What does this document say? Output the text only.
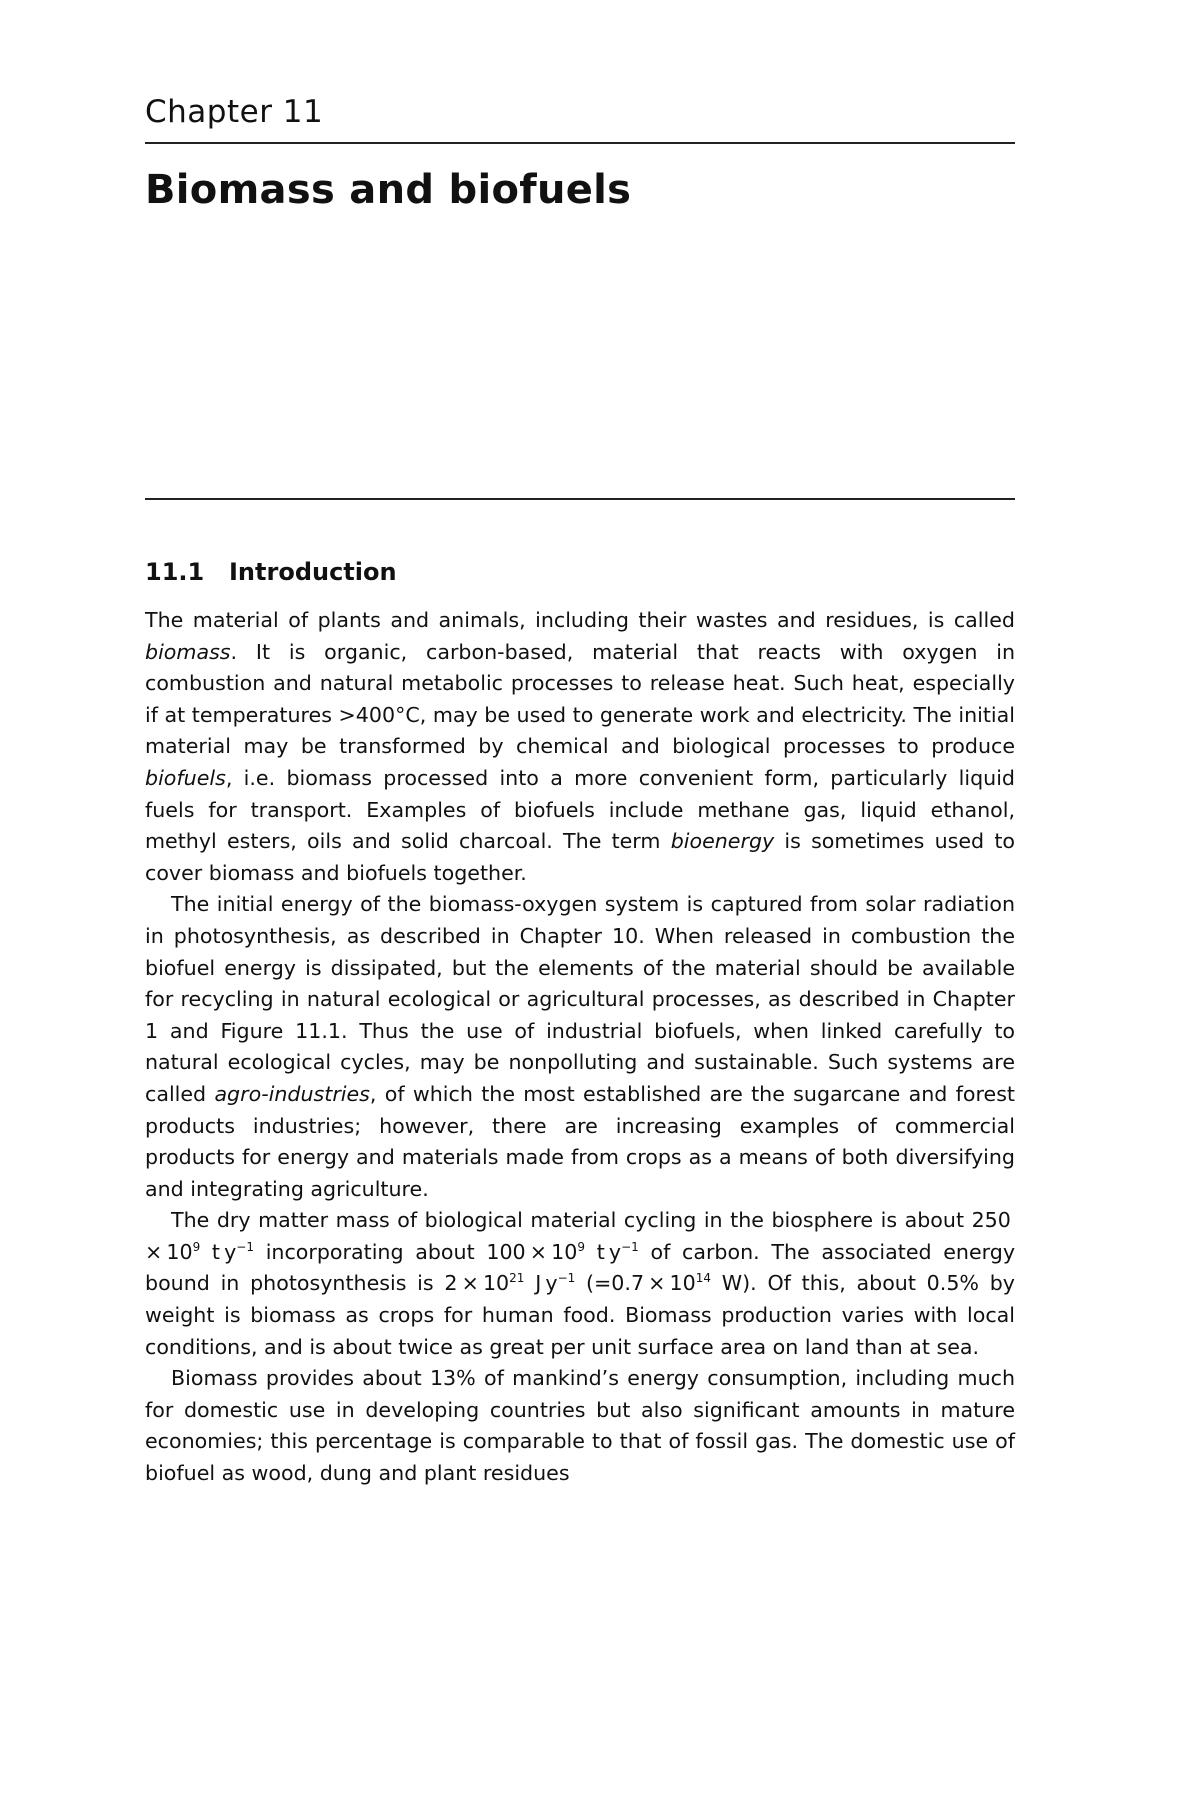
Chapter 11
Biomass and biofuels
11.1 Introduction

The material of plants and animals, including their wastes and residues, is called biomass. It is organic, carbon-based, material that reacts with oxygen in combustion and natural metabolic processes to release heat. Such heat, especially if at temperatures >400°C, may be used to generate work and electricity. The initial material may be transformed by chemical and biological processes to produce biofuels, i.e. biomass processed into a more convenient form, particularly liquid fuels for transport. Examples of biofuels include methane gas, liquid ethanol, methyl esters, oils and solid charcoal. The term bioenergy is sometimes used to cover biomass and biofuels together.

The initial energy of the biomass-oxygen system is captured from solar radiation in photosynthesis, as described in Chapter 10. When released in combustion the biofuel energy is dissipated, but the elements of the material should be available for recycling in natural ecological or agricultural processes, as described in Chapter 1 and Figure 11.1. Thus the use of industrial biofuels, when linked carefully to natural ecological cycles, may be nonpolluting and sustainable. Such systems are called agro-industries, of which the most established are the sugarcane and forest products industries; however, there are increasing examples of commercial products for energy and materials made from crops as a means of both diversifying and integrating agriculture.

The dry matter mass of biological material cycling in the biosphere is about $250 \times 10^9$ t $y^{-1}$ incorporating about $100 \times 10^9$ t $y^{-1}$ of carbon. The associated energy bound in photosynthesis is $2 \times 10^{21}$ J $y^{-1}$ ($=0.7 \times 10^{14}$ W). Of this, about 0.5% by weight is biomass as crops for human food. Biomass production varies with local conditions, and is about twice as great per unit surface area on land than at sea.

Biomass provides about 13% of mankind’s energy consumption, including much for domestic use in developing countries but also significant amounts in mature economies; this percentage is comparable to that of fossil gas. The domestic use of biofuel as wood, dung and plant residues
